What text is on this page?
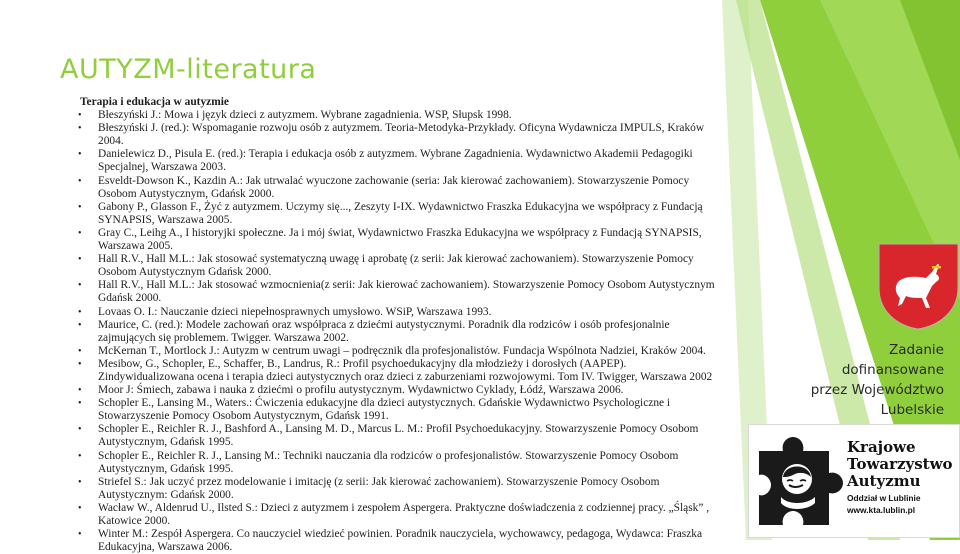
AUTYZM-literatura
Terapia i edukacja w autyzmie
• Błeszyński J.: Mowa i język dzieci z autyzmem. Wybrane zagadnienia. WSP, Słupsk 1998.
• Błeszyński J. (red.): Wspomaganie rozwoju osób z autyzmem. Teoria-Metodyka-Przykłady. Oficyna Wydawnicza IMPULS, Kraków 2004.
• Danielewicz D., Pisula E. (red.): Terapia i edukacja osób z autyzmem. Wybrane Zagadnienia. Wydawnictwo Akademii Pedagogiki Specjalnej, Warszawa 2003.
• Esveldt-Dowson K., Kazdin A.: Jak utrwalać wyuczone zachowanie (seria: Jak kierować zachowaniem). Stowarzyszenie Pomocy Osobom Autystycznym, Gdańsk 2000.
• Gabony P., Glasson F., Żyć z autyzmem. Uczymy się..., Zeszyty I-IX. Wydawnictwo Fraszka Edukacyjna we współpracy z Fundacją SYNAPSIS, Warszawa 2005.
• Gray C., Leihg A., I historyjki społeczne. Ja i mój świat, Wydawnictwo Fraszka Edukacyjna we współpracy z Fundacją SYNAPSIS, Warszawa 2005.
• Hall R.V., Hall M.L.: Jak stosować systematyczną uwagę i aprobatę (z serii: Jak kierować zachowaniem). Stowarzyszenie Pomocy Osobom Autystycznym Gdańsk 2000.
• Hall R.V., Hall M.L.: Jak stosować wzmocnienia(z serii: Jak kierować zachowaniem). Stowarzyszenie Pomocy Osobom Autystycznym Gdańsk 2000.
• Lovaas O. I.: Nauczanie dzieci niepełnosprawnych umysłowo. WSiP, Warszawa 1993.
• Maurice, C. (red.): Modele zachowań oraz współpraca z dziećmi autystycznymi. Poradnik dla rodziców i osób profesjonalnie zajmujących się problemem. Twigger. Warszawa 2002.
• McKernan T., Mortlock J.: Autyzm w centrum uwagi – podręcznik dla profesjonalistów. Fundacja Wspólnota Nadziei, Kraków 2004.
• Mesibow, G., Schopler, E., Schaffer, B., Landrus, R.: Profil psychoedukacyjny dla młodzieży i dorosłych (AAPEP). Zindywidualizowana ocena i terapia dzieci autystycznych oraz dzieci z zaburzeniami rozwojowymi. Tom IV. Twigger, Warszawa 2002
• Moor J: Śmiech, zabawa i nauka z dziećmi o profilu autystycznym. Wydawnictwo Cyklady, Łódź, Warszawa 2006.
• Schopler E., Lansing M., Waters.: Ćwiczenia edukacyjne dla dzieci autystycznych. Gdańskie Wydawnictwo Psychologiczne i Stowarzyszenie Pomocy Osobom Autystycznym, Gdańsk 1991.
• Schopler E., Reichler R. J., Bashford A., Lansing M. D., Marcus L. M.: Profil Psychoedukacyjny. Stowarzyszenie Pomocy Osobom Autystycznym, Gdańsk 1995.
• Schopler E., Reichler R. J., Lansing M.: Techniki nauczania dla rodziców o profesjonalistów. Stowarzyszenie Pomocy Osobom Autystycznym, Gdańsk 1995.
• Striefel S.: Jak uczyć przez modelowanie i imitację (z serii: Jak kierować zachowaniem). Stowarzyszenie Pomocy Osobom Autystycznym: Gdańsk 2000.
• Wacław W., Aldenrud U., Ilsted S.: Dzieci z autyzmem i zespołem Aspergera. Praktyczne doświadczenia z codziennej pracy. „Śląsk” , Katowice 2000.
• Winter M.: Zespół Aspergera. Co nauczyciel wiedzieć powinien. Poradnik nauczyciela, wychowawcy, pedagoga, Wydawca: Fraszka Edukacyjna, Warszawa 2006.
Zadanie
dofinansowane
przez Województwo
Lubelskie
Krajowe
Towarzystwo
Autyzmu
Oddział w Lublinie
www.kta.lublin.pl
